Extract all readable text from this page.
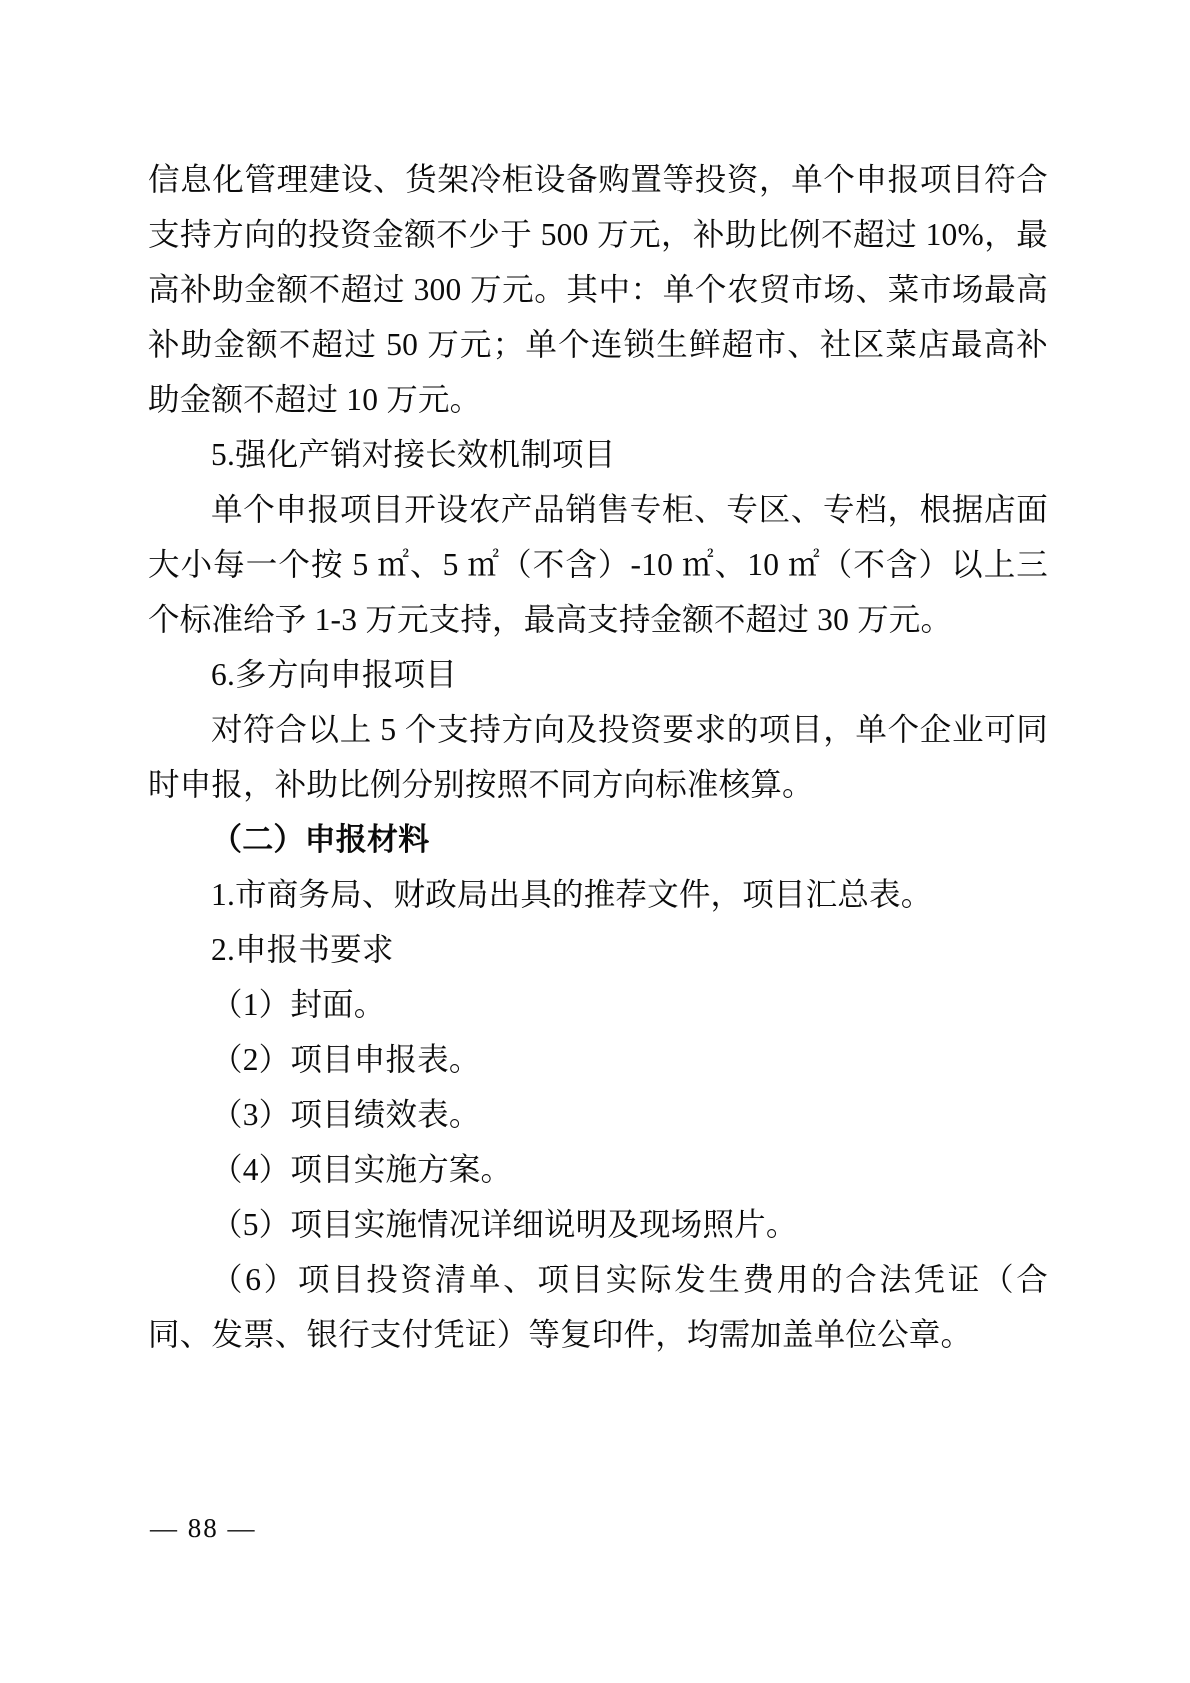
信息化管理建设、货架冷柜设备购置等投资，单个申报项目符合支持方向的投资金额不少于 500 万元，补助比例不超过 10%，最高补助金额不超过 300 万元。其中：单个农贸市场、菜市场最高补助金额不超过 50 万元；单个连锁生鲜超市、社区菜店最高补助金额不超过 10 万元。

5.强化产销对接长效机制项目

单个申报项目开设农产品销售专柜、专区、专档，根据店面大小每一个按 5 ㎡、5 ㎡（不含）-10 ㎡、10 ㎡（不含）以上三个标准给予 1-3 万元支持，最高支持金额不超过 30 万元。

6.多方向申报项目

对符合以上 5 个支持方向及投资要求的项目，单个企业可同时申报，补助比例分别按照不同方向标准核算。

（二）申报材料

1.市商务局、财政局出具的推荐文件，项目汇总表。

2.申报书要求

（1）封面。

（2）项目申报表。

（3）项目绩效表。

（4）项目实施方案。

（5）项目实施情况详细说明及现场照片。

（6）项目投资清单、项目实际发生费用的合法凭证（合同、发票、银行支付凭证）等复印件，均需加盖单位公章。

— 88 —
